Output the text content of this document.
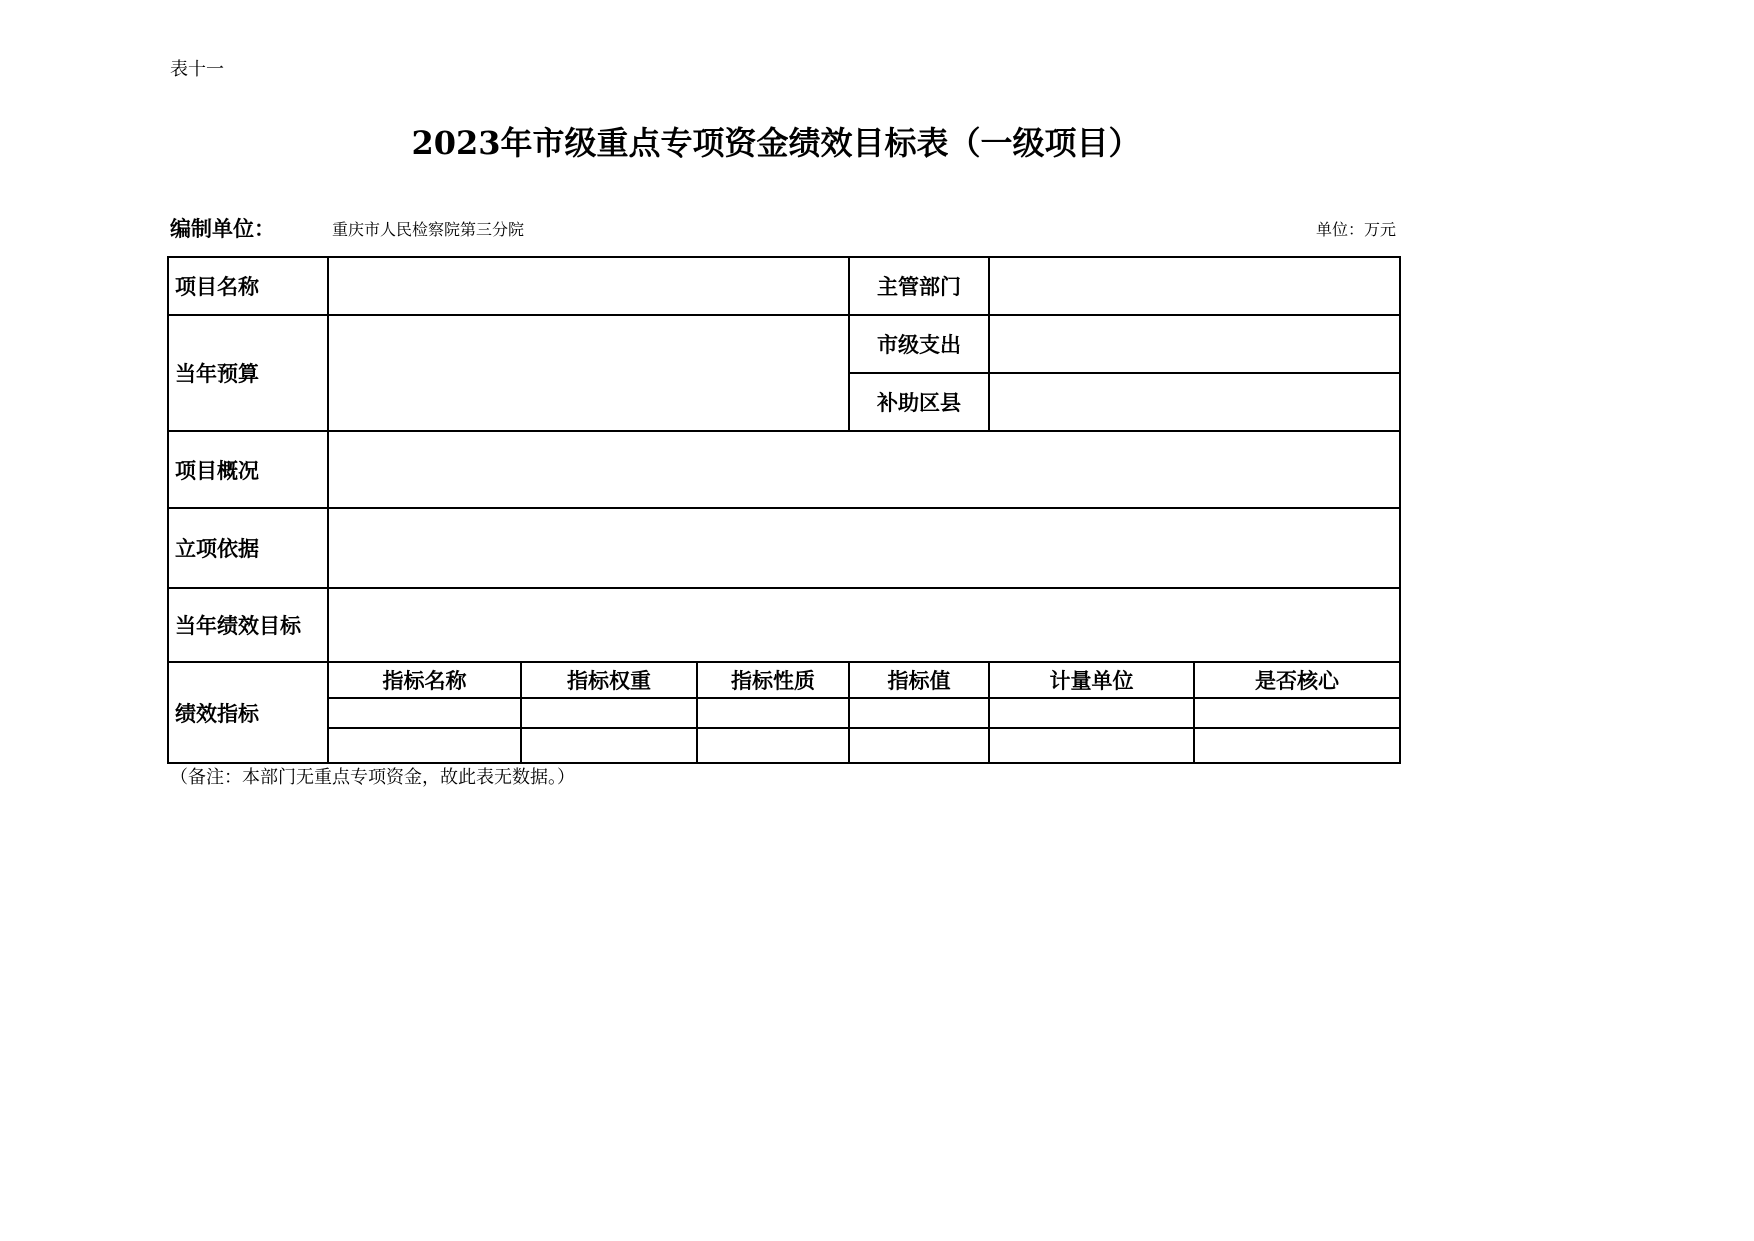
表十一
2023年市级重点专项资金绩效目标表（一级项目）
编制单位：	重庆市人民检察院第三分院	单位：万元
项目名称				主管部门		
当年预算				市级支出		
				补助区县		
项目概况						
立项依据						
当年绩效目标						
绩效指标	指标名称	指标权重	指标性质	指标值	计量单位	是否核心

（备注：本部门无重点专项资金，故此表无数据。）
